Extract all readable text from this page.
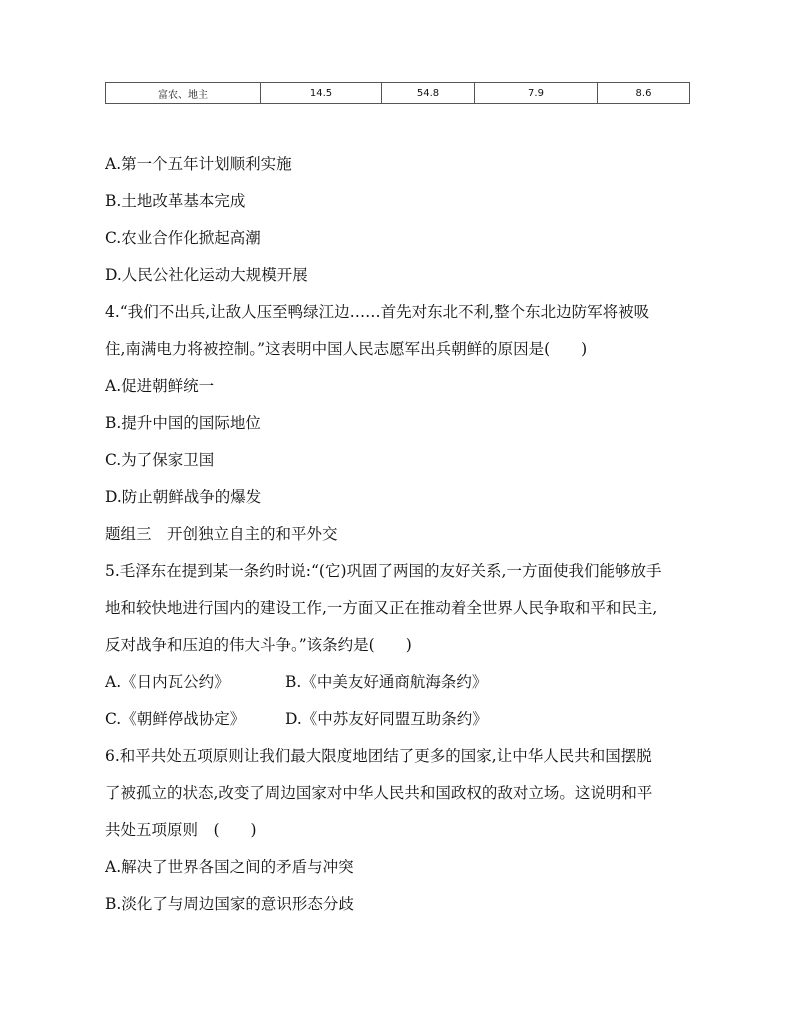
富农、地主	14.5	54.8	7.9	8.6
A.第一个五年计划顺利实施
B.土地改革基本完成
C.农业合作化掀起高潮
D.人民公社化运动大规模开展
4.“我们不出兵,让敌人压至鸭绿江边……首先对东北不利,整个东北边防军将被吸
住,南满电力将被控制。”这表明中国人民志愿军出兵朝鲜的原因是(　　)
A.促进朝鲜统一
B.提升中国的国际地位
C.为了保家卫国
D.防止朝鲜战争的爆发
题组三　开创独立自主的和平外交
5.毛泽东在提到某一条约时说:“(它)巩固了两国的友好关系,一方面使我们能够放手
地和较快地进行国内的建设工作,一方面又正在推动着全世界人民争取和平和民主,
反对战争和压迫的伟大斗争。”该条约是(　　)
A.《日内瓦公约》	B.《中美友好通商航海条约》
C.《朝鲜停战协定》	D.《中苏友好同盟互助条约》
6.和平共处五项原则让我们最大限度地团结了更多的国家,让中华人民共和国摆脱
了被孤立的状态,改变了周边国家对中华人民共和国政权的敌对立场。这说明和平
共处五项原则　(　　)
A.解决了世界各国之间的矛盾与冲突
B.淡化了与周边国家的意识形态分歧
